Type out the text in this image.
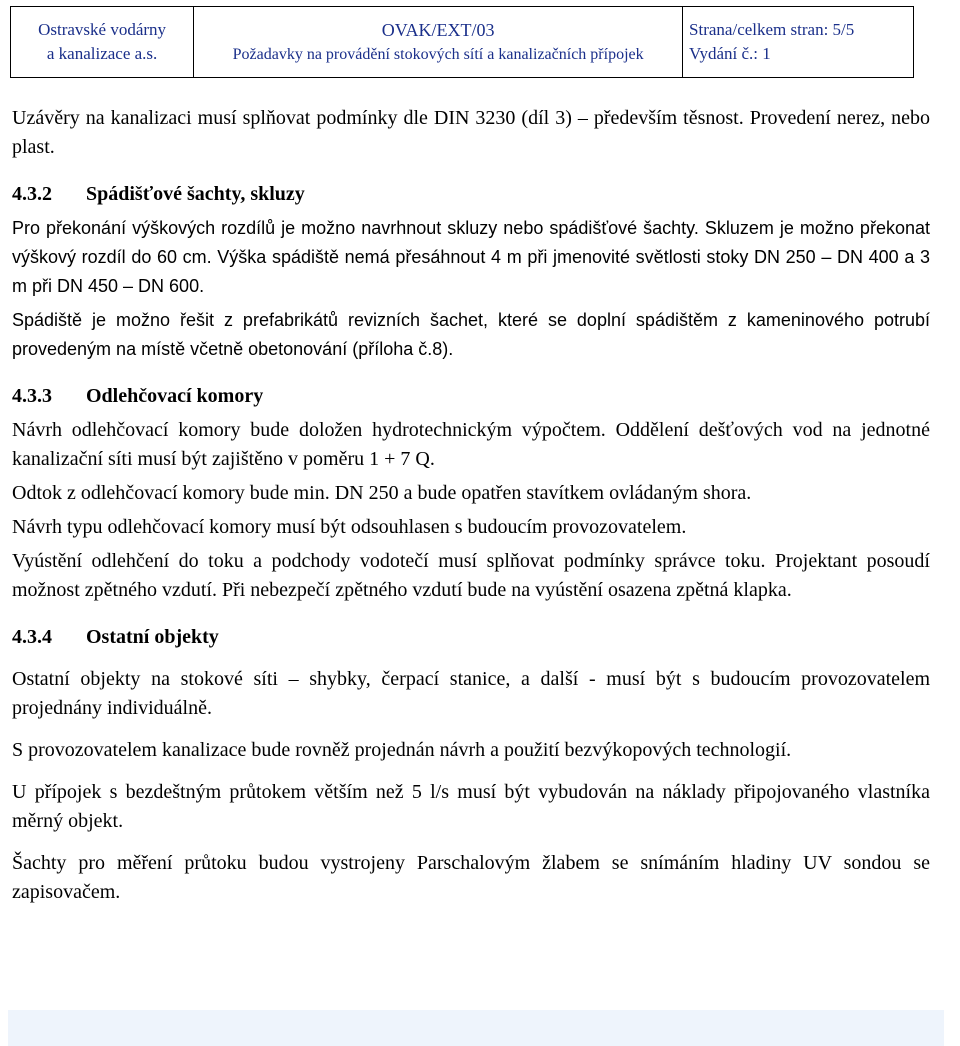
Ostravské vodárny
a kanalizace a.s.

OVAK/EXT/03
Požadavky na provádění stokových sítí a kanalizačních přípojek

Strana/celkem stran: 5/5
Vydání č.: 1

Uzávěry na kanalizaci musí splňovat podmínky dle DIN 3230 (díl 3) – především těsnost. Provedení nerez, nebo plast.

4.3.2 Spádišťové šachty, skluzy

Pro překonání výškových rozdílů je možno navrhnout skluzy nebo spádišťové šachty. Skluzem je možno překonat výškový rozdíl do 60 cm. Výška spádiště nemá přesáhnout 4 m při jmenovité světlosti stoky DN 250 – DN 400 a 3 m při DN 450 – DN 600.

Spádiště je možno řešit z prefabrikátů revizních šachet, které se doplní spádištěm z kameninového potrubí provedeným na místě včetně obetonování (příloha č.8).

4.3.3 Odlehčovací komory

Návrh odlehčovací komory bude doložen hydrotechnickým výpočtem. Oddělení dešťových vod na jednotné kanalizační síti musí být zajištěno v poměru 1 + 7 Q.

Odtok z odlehčovací komory bude min. DN 250 a bude opatřen stavítkem ovládaným shora.

Návrh typu odlehčovací komory musí být odsouhlasen s budoucím provozovatelem.

Vyústění odlehčení do toku a podchody vodotečí musí splňovat podmínky správce toku. Projektant posoudí možnost zpětného vzdutí. Při nebezpečí zpětného vzdutí bude na vyústění osazena zpětná klapka.

4.3.4 Ostatní objekty

Ostatní objekty na stokové síti – shybky, čerpací stanice, a další - musí být s budoucím provozovatelem projednány individuálně.

S provozovatelem kanalizace bude rovněž projednán návrh a použití bezvýkopových technologií.

U přípojek s bezdeštným průtokem větším než 5 l/s musí být vybudován na náklady připojovaného vlastníka měrný objekt.

Šachty pro měření průtoku budou vystrojeny Parschalovým žlabem se snímáním hladiny UV sondou se zapisovačem.
